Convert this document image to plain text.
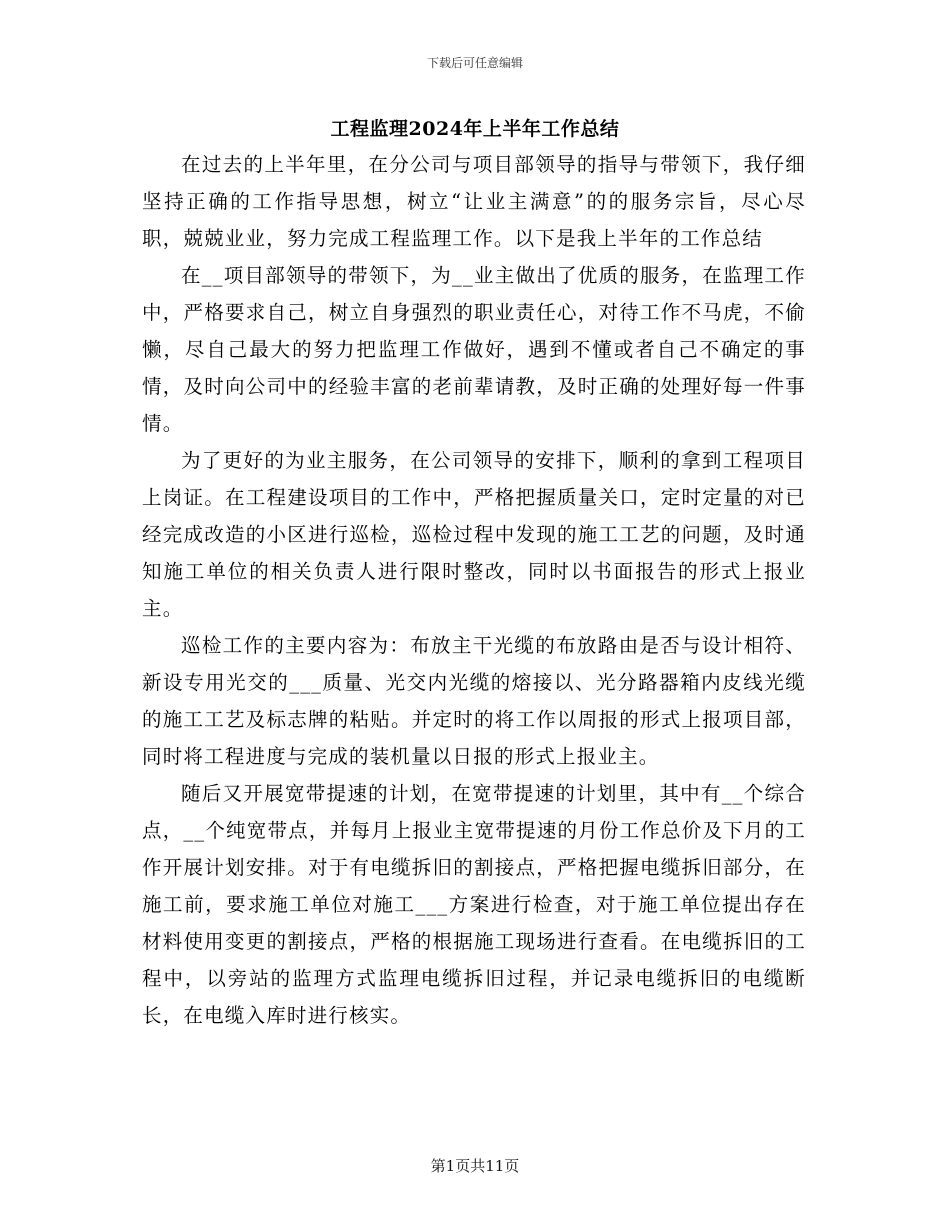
下载后可任意编辑
工程监理2024年上半年工作总结

在过去的上半年里，在分公司与项目部领导的指导与带领下，我仔细坚持正确的工作指导思想，树立“让业主满意”的的服务宗旨，尽心尽职，兢兢业业，努力完成工程监理工作。以下是我上半年的工作总结

在__项目部领导的带领下，为__业主做出了优质的服务，在监理工作中，严格要求自己，树立自身强烈的职业责任心，对待工作不马虎，不偷懒，尽自己最大的努力把监理工作做好，遇到不懂或者自己不确定的事情，及时向公司中的经验丰富的老前辈请教，及时正确的处理好每一件事情。

为了更好的为业主服务，在公司领导的安排下，顺利的拿到工程项目上岗证。在工程建设项目的工作中，严格把握质量关口，定时定量的对已经完成改造的小区进行巡检，巡检过程中发现的施工工艺的问题，及时通知施工单位的相关负责人进行限时整改，同时以书面报告的形式上报业主。

巡检工作的主要内容为：布放主干光缆的布放路由是否与设计相符、新设专用光交的___质量、光交内光缆的熔接以、光分路器箱内皮线光缆的施工工艺及标志牌的粘贴。并定时的将工作以周报的形式上报项目部，同时将工程进度与完成的装机量以日报的形式上报业主。

随后又开展宽带提速的计划，在宽带提速的计划里，其中有__个综合点，__个纯宽带点，并每月上报业主宽带提速的月份工作总价及下月的工作开展计划安排。对于有电缆拆旧的割接点，严格把握电缆拆旧部分，在施工前，要求施工单位对施工___方案进行检查，对于施工单位提出存在材料使用变更的割接点，严格的根据施工现场进行查看。在电缆拆旧的工程中，以旁站的监理方式监理电缆拆旧过程，并记录电缆拆旧的电缆断长，在电缆入库时进行核实。

第1页共11页
